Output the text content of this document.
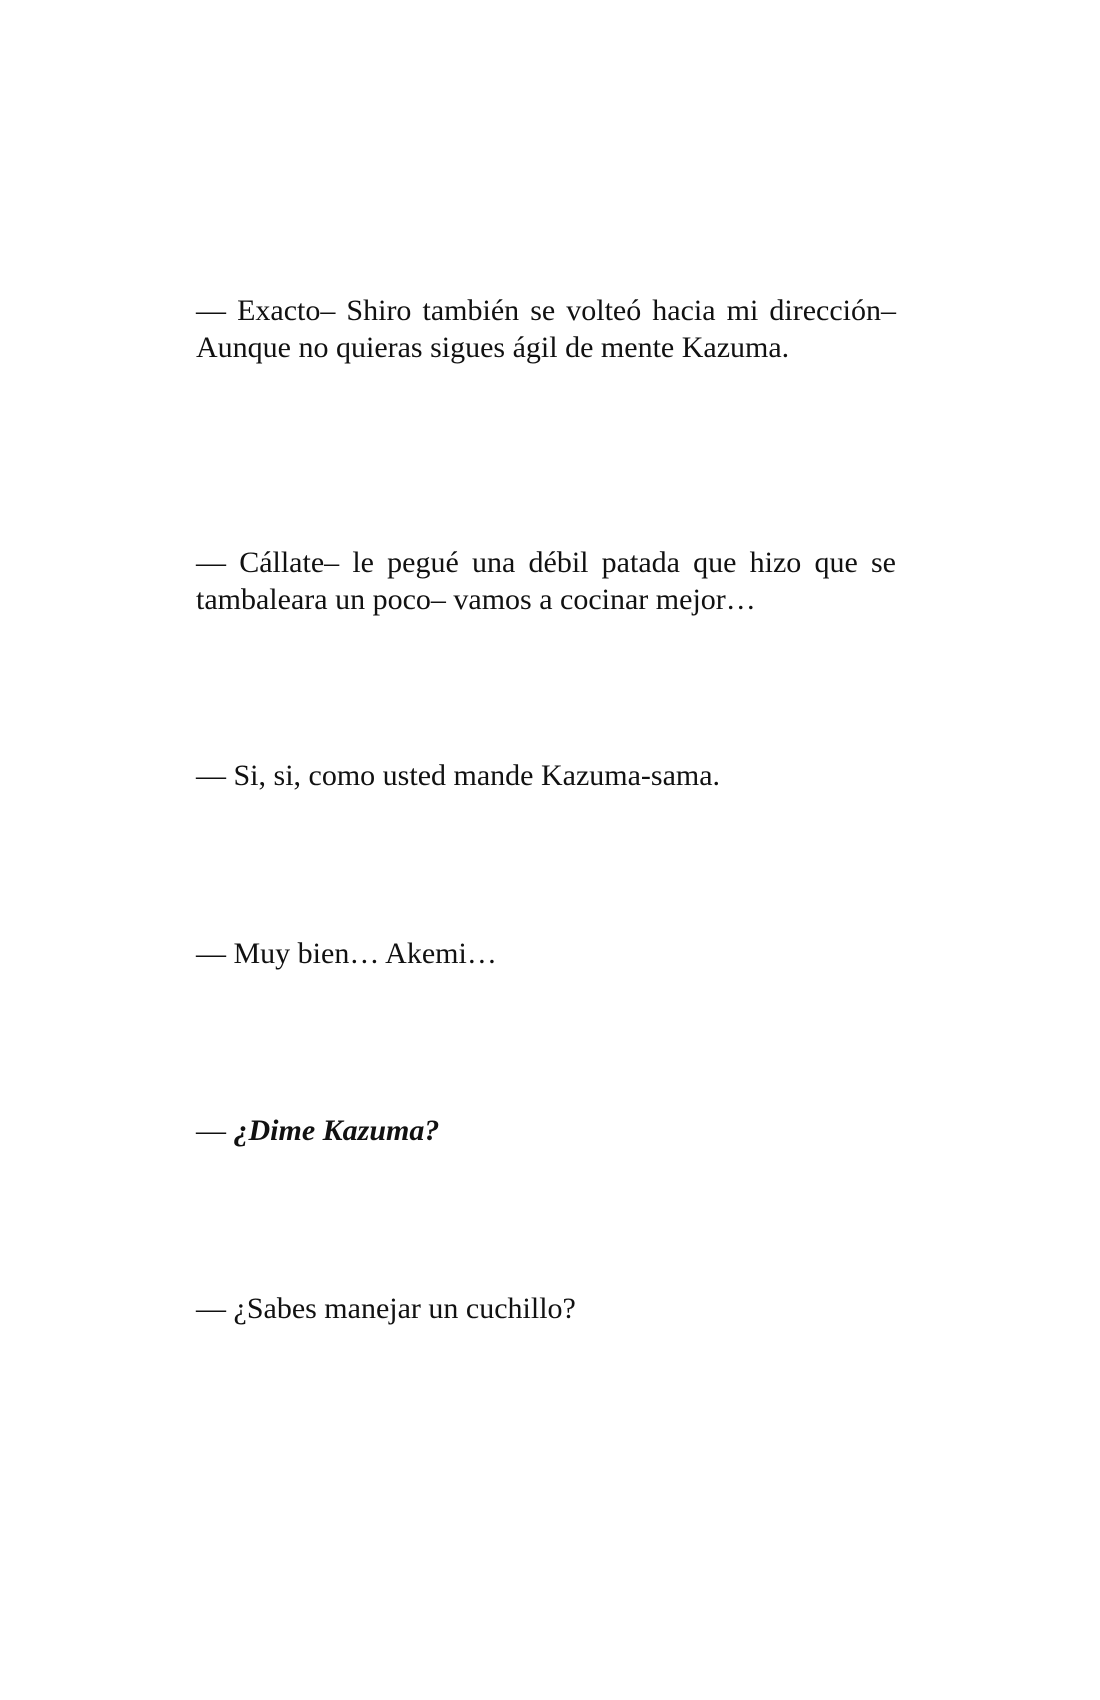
— Exacto– Shiro también se volteó hacia mi dirección– Aunque no quieras sigues ágil de mente Kazuma.

— Cállate– le pegué una débil patada que hizo que se tambaleara un poco– vamos a cocinar mejor…

— Si, si, como usted mande Kazuma-sama.

— Muy bien… Akemi…

— ¿Dime Kazuma?

— ¿Sabes manejar un cuchillo?
